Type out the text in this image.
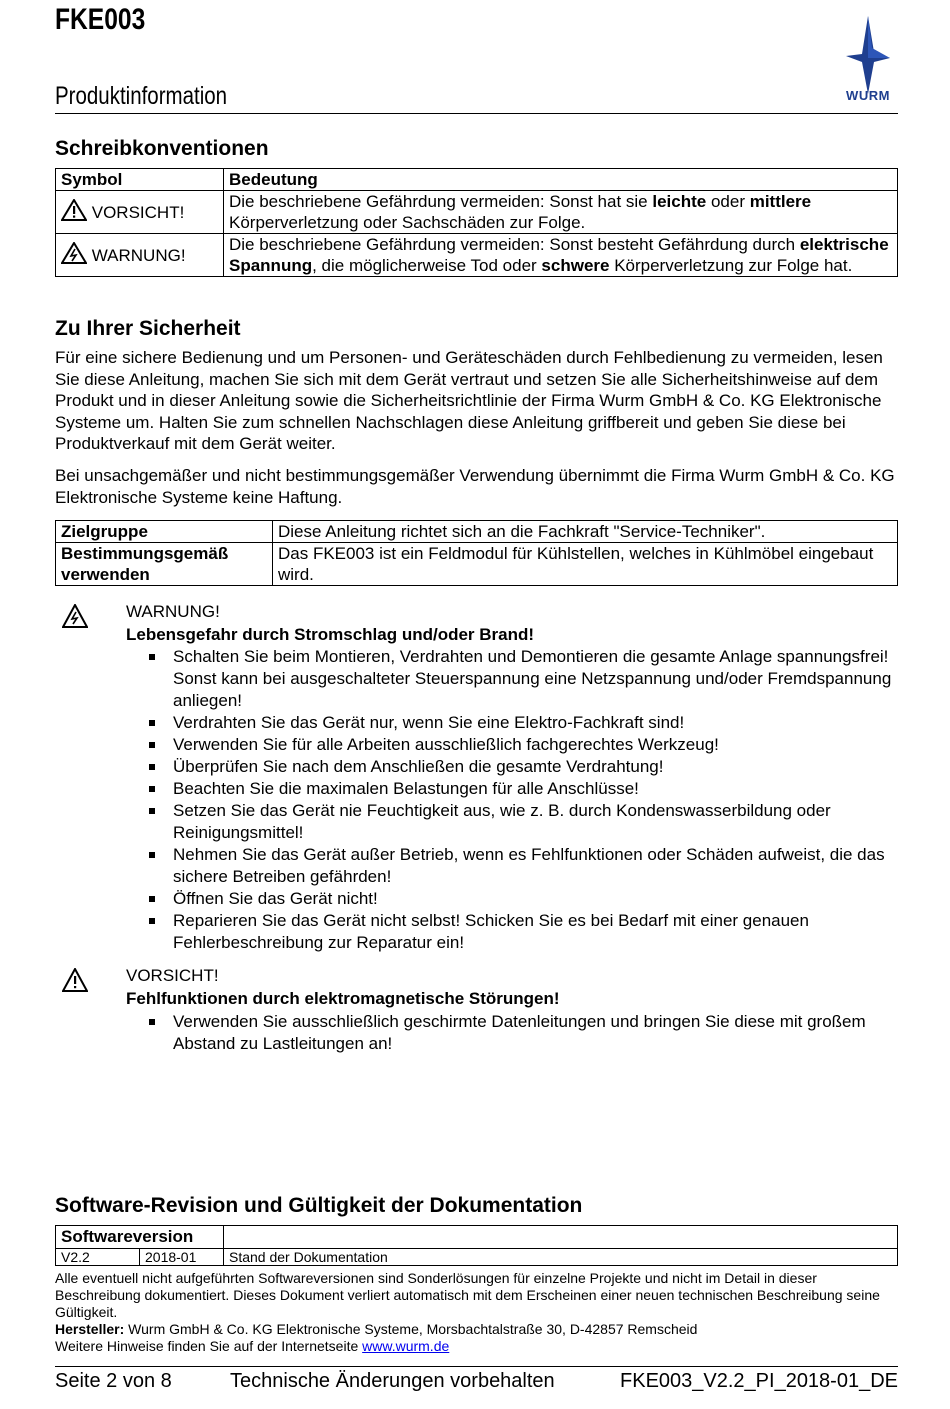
FKE003
Produktinformation	WURM
Schreibkonventionen
Symbol	Bedeutung
VORSICHT!	Die beschriebene Gefährdung vermeiden: Sonst hat sie leichte oder mittlere Körperverletzung oder Sachschäden zur Folge.
WARNUNG!	Die beschriebene Gefährdung vermeiden: Sonst besteht Gefährdung durch elektrische Spannung, die möglicherweise Tod oder schwere Körperverletzung zur Folge hat.
Zu Ihrer Sicherheit
Für eine sichere Bedienung und um Personen- und Geräteschäden durch Fehlbedienung zu vermeiden, lesen Sie diese Anleitung, machen Sie sich mit dem Gerät vertraut und setzen Sie alle Sicherheitshinweise auf dem Produkt und in dieser Anleitung sowie die Sicherheitsrichtlinie der Firma Wurm GmbH & Co. KG Elektronische Systeme um. Halten Sie zum schnellen Nachschlagen diese Anleitung griffbereit und geben Sie diese bei Produktverkauf mit dem Gerät weiter.
Bei unsachgemäßer und nicht bestimmungsgemäßer Verwendung übernimmt die Firma Wurm GmbH & Co. KG Elektronische Systeme keine Haftung.
Zielgruppe	Diese Anleitung richtet sich an die Fachkraft "Service-Techniker".
Bestimmungsgemäß verwenden	Das FKE003 ist ein Feldmodul für Kühlstellen, welches in Kühlmöbel eingebaut wird.
WARNUNG!
Lebensgefahr durch Stromschlag und/oder Brand!
Schalten Sie beim Montieren, Verdrahten und Demontieren die gesamte Anlage spannungsfrei! Sonst kann bei ausgeschalteter Steuerspannung eine Netzspannung und/oder Fremdspannung anliegen!
Verdrahten Sie das Gerät nur, wenn Sie eine Elektro-Fachkraft sind!
Verwenden Sie für alle Arbeiten ausschließlich fachgerechtes Werkzeug!
Überprüfen Sie nach dem Anschließen die gesamte Verdrahtung!
Beachten Sie die maximalen Belastungen für alle Anschlüsse!
Setzen Sie das Gerät nie Feuchtigkeit aus, wie z. B. durch Kondenswasserbildung oder Reinigungsmittel!
Nehmen Sie das Gerät außer Betrieb, wenn es Fehlfunktionen oder Schäden aufweist, die das sichere Betreiben gefährden!
Öffnen Sie das Gerät nicht!
Reparieren Sie das Gerät nicht selbst! Schicken Sie es bei Bedarf mit einer genauen Fehlerbeschreibung zur Reparatur ein!
VORSICHT!
Fehlfunktionen durch elektromagnetische Störungen!
Verwenden Sie ausschließlich geschirmte Datenleitungen und bringen Sie diese mit großem Abstand zu Lastleitungen an!
Software-Revision und Gültigkeit der Dokumentation
Softwareversion		
V2.2	2018-01	Stand der Dokumentation
Alle eventuell nicht aufgeführten Softwareversionen sind Sonderlösungen für einzelne Projekte und nicht im Detail in dieser Beschreibung dokumentiert. Dieses Dokument verliert automatisch mit dem Erscheinen einer neuen technischen Beschreibung seine Gültigkeit.
Hersteller: Wurm GmbH & Co. KG Elektronische Systeme, Morsbachtalstraße 30, D-42857 Remscheid
Weitere Hinweise finden Sie auf der Internetseite www.wurm.de
Seite 2 von 8	Technische Änderungen vorbehalten	FKE003_V2.2_PI_2018-01_DE
